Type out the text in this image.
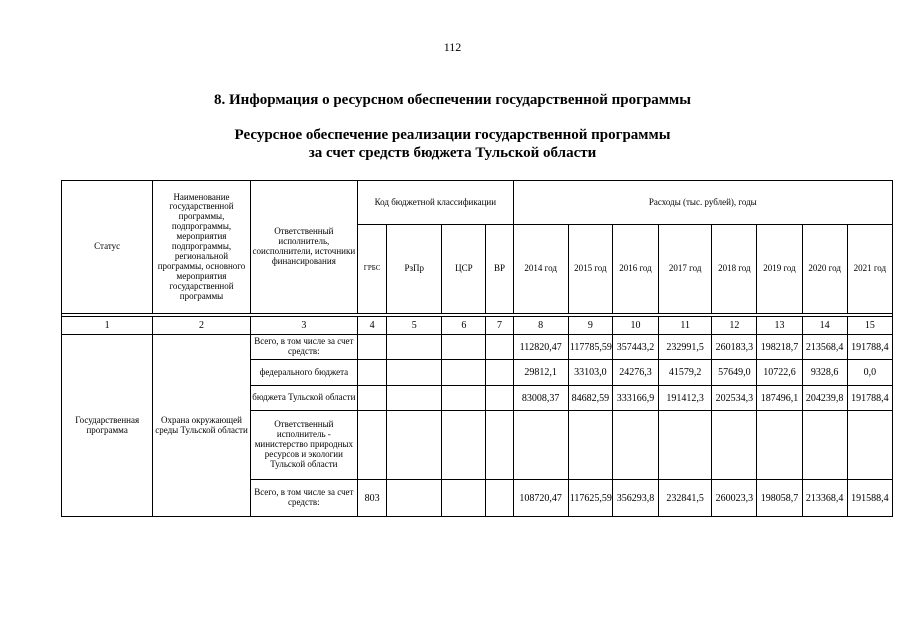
112
8. Информация о ресурсном обеспечении государственной программы
Ресурсное обеспечение реализации государственной программы
за счет средств бюджета Тульской области
Статус	Наименование государственной программы, подпрограммы, мероприятия подпрограммы, региональной программы, основного мероприятия государственной программы	Ответственный исполнитель, соисполнители, источники финансирования	Код бюджетной классификации				Расходы (тыс. рублей), годы							
			ГРБС	РзПр	ЦСР	ВР	2014 год	2015 год	2016 год	2017 год	2018 год	2019 год	2020 год	2021 год

1	2	3	4	5	6	7	8	9	10	11	12	13	14	15
Государственная программа	Охрана окружающей среды Тульской области	Всего, в том числе за счет средств:					112820,47	117785,59	357443,2	232991,5	260183,3	198218,7	213568,4	191788,4
		федерального бюджета					29812,1	33103,0	24276,3	41579,2	57649,0	10722,6	9328,6	0,0
		бюджета Тульской области					83008,37	84682,59	333166,9	191412,3	202534,3	187496,1	204239,8	191788,4
		Ответственный исполнитель - министерство природных ресурсов и экологии Тульской области												
		Всего, в том числе за счет средств:	803				108720,47	117625,59	356293,8	232841,5	260023,3	198058,7	213368,4	191588,4
